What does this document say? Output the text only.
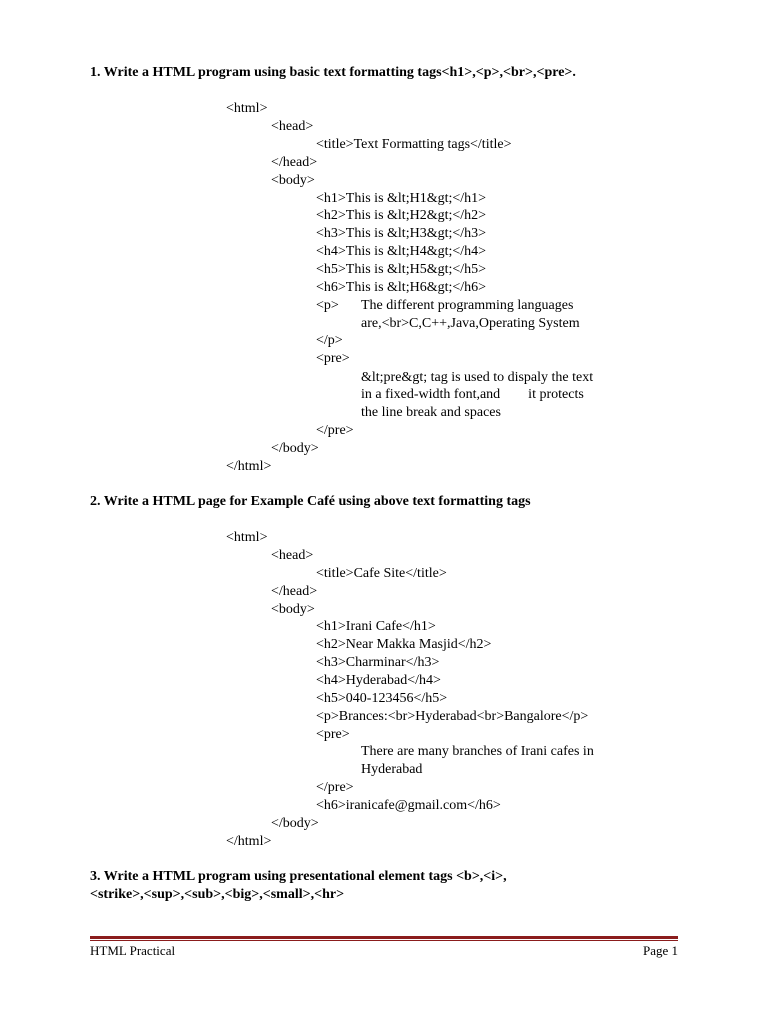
1. Write a HTML program using basic text formatting tags<h1>,<p>,<br>,<pre>.
<html>
<head>
<title>Text Formatting tags</title>
</head>
<body>
<h1>This is &lt;H1&gt;</h1>
<h2>This is &lt;H2&gt;</h2>
<h3>This is &lt;H3&gt;</h3>
<h4>This is &lt;H4&gt;</h4>
<h5>This is &lt;H5&gt;</h5>
<h6>This is &lt;H6&gt;</h6>
<p> The different programming languages
are,<br>C,C++,Java,Operating System
</p>
<pre>
&lt;pre&gt; tag is used to dispaly the text
in a fixed-width font,and        it protects
the line break and spaces
</pre>
</body>
</html>
2. Write a HTML page for Example Café using above text formatting tags
<html>
<head>
<title>Cafe Site</title>
</head>
<body>
<h1>Irani Cafe</h1>
<h2>Near Makka Masjid</h2>
<h3>Charminar</h3>
<h4>Hyderabad</h4>
<h5>040-123456</h5>
<p>Brances:<br>Hyderabad<br>Bangalore</p>
<pre>
There are many branches of Irani cafes in
Hyderabad
</pre>
<h6>iranicafe@gmail.com</h6>
</body>
</html>
3. Write a HTML program using presentational element tags <b>,<i>,
<strike>,<sup>,<sub>,<big>,<small>,<hr>
HTML Practical	Page 1
